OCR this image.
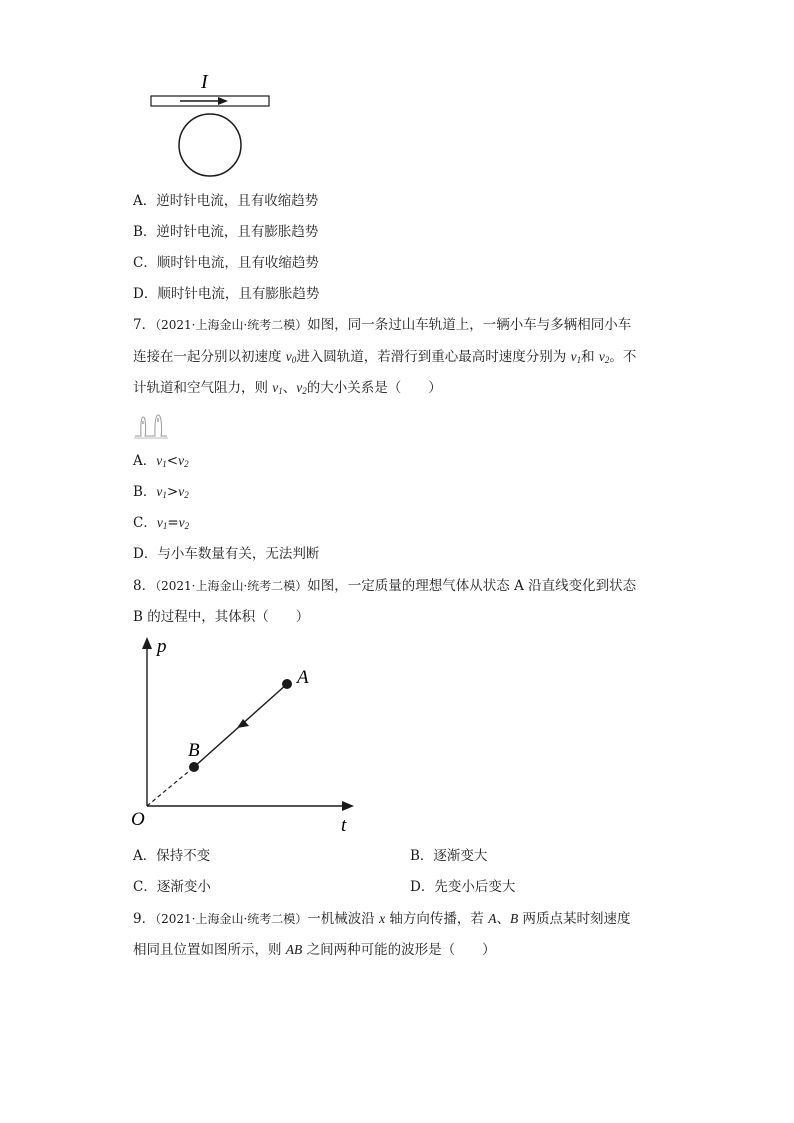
I
A．逆时针电流，且有收缩趋势
B．逆时针电流，且有膨胀趋势
C．顺时针电流，且有收缩趋势
D．顺时针电流，且有膨胀趋势
7．（2021·上海金山·统考二模）如图，同一条过山车轨道上，一辆小车与多辆相同小车
连接在一起分别以初速度 $v_0$进入圆轨道，若滑行到重心最高时速度分别为 $v_1$和 $v_2$。不
计轨道和空气阻力，则 $v_1$、$v_2$的大小关系是（　　）
A．$v_1<v_2$
B．$v_1>v_2$
C．$v_1=v_2$
D．与小车数量有关，无法判断
8．（2021·上海金山·统考二模）如图，一定质量的理想气体从状态 A 沿直线变化到状态
B 的过程中，其体积（　　）
p
t
O
A
B
A．保持不变	B．逐渐变大
C．逐渐变小	D．先变小后变大
9．（2021·上海金山·统考二模）一机械波沿 x 轴方向传播，若 A、B 两质点某时刻速度
相同且位置如图所示，则 AB 之间两种可能的波形是（　　）
